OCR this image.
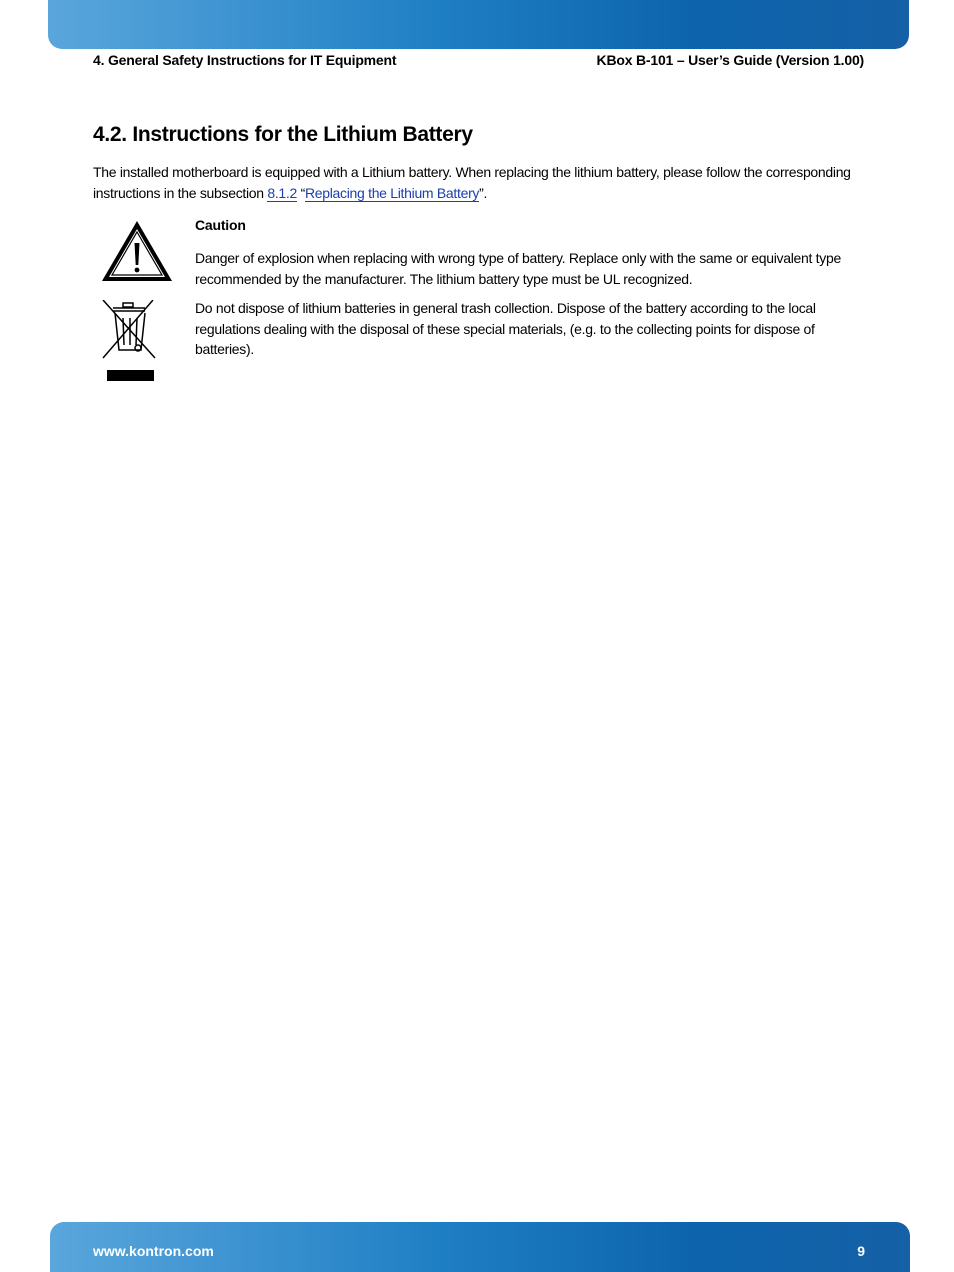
4. General Safety Instructions for IT Equipment	KBox B-101 – User’s Guide (Version 1.00)
4.2. Instructions for the Lithium Battery
The installed motherboard is equipped with a Lithium battery. When replacing the lithium battery, please follow the corresponding instructions in the subsection 8.1.2 “Replacing the Lithium Battery”.
Caution
Danger of explosion when replacing with wrong type of battery. Replace only with the same or equivalent type recommended by the manufacturer. The lithium battery type must be UL recognized.
Do not dispose of lithium batteries in general trash collection. Dispose of the battery according to the local regulations dealing with the disposal of these special materials, (e.g. to the collecting points for dispose of batteries).
www.kontron.com	9
